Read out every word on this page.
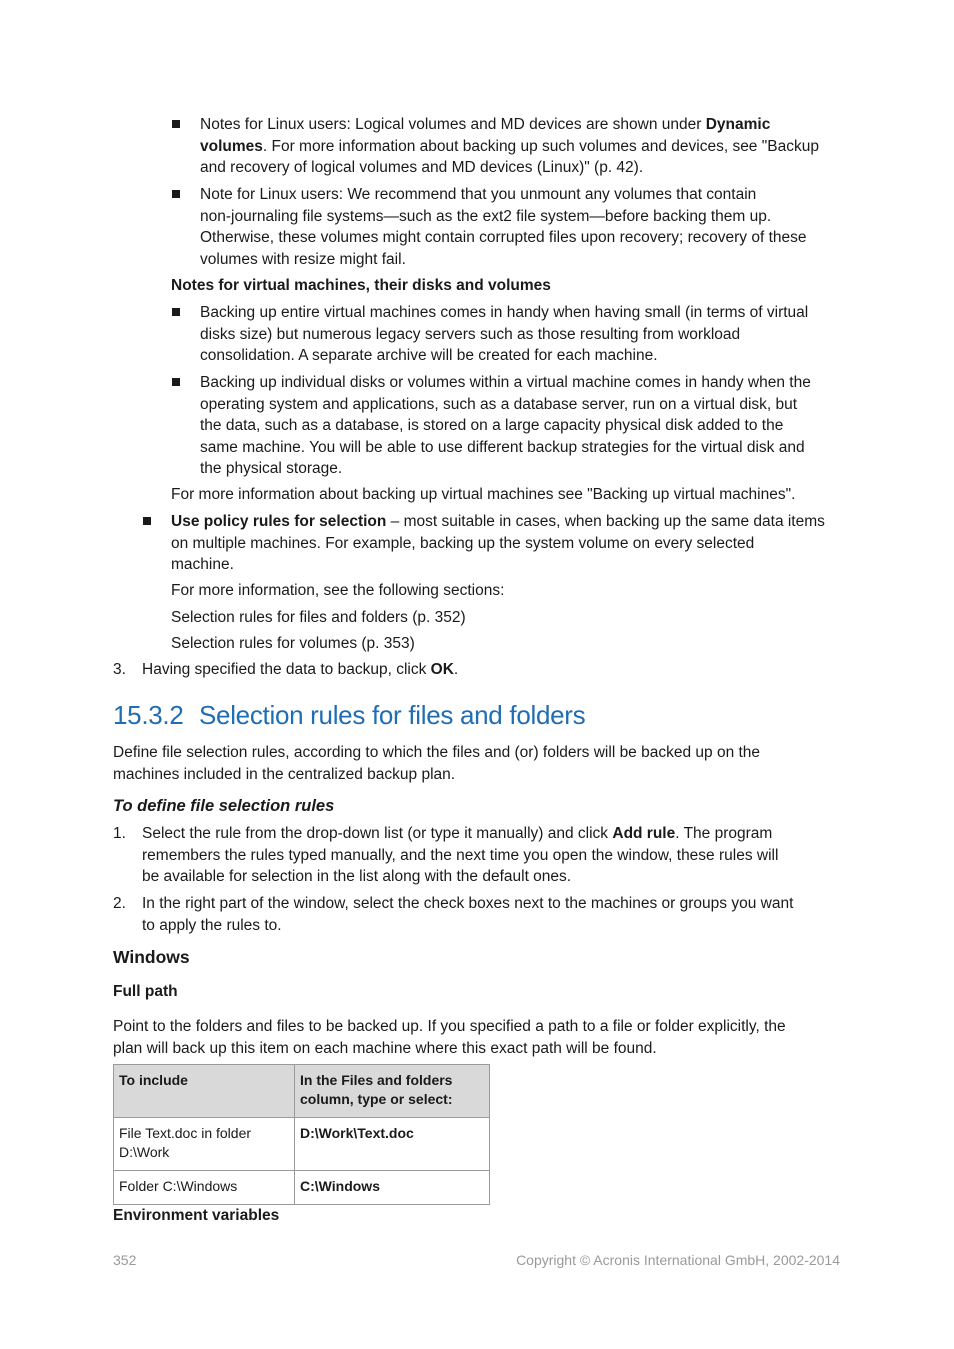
Notes for Linux users: Logical volumes and MD devices are shown under Dynamic
volumes. For more information about backing up such volumes and devices, see "Backup
and recovery of logical volumes and MD devices (Linux)" (p. 42).
Note for Linux users: We recommend that you unmount any volumes that contain
non-journaling file systems—such as the ext2 file system—before backing them up.
Otherwise, these volumes might contain corrupted files upon recovery; recovery of these
volumes with resize might fail.
Notes for virtual machines, their disks and volumes
Backing up entire virtual machines comes in handy when having small (in terms of virtual
disks size) but numerous legacy servers such as those resulting from workload
consolidation. A separate archive will be created for each machine.
Backing up individual disks or volumes within a virtual machine comes in handy when the
operating system and applications, such as a database server, run on a virtual disk, but
the data, such as a database, is stored on a large capacity physical disk added to the
same machine. You will be able to use different backup strategies for the virtual disk and
the physical storage.
For more information about backing up virtual machines see "Backing up virtual machines".
Use policy rules for selection – most suitable in cases, when backing up the same data items
on multiple machines. For example, backing up the system volume on every selected
machine.
For more information, see the following sections:
Selection rules for files and folders (p. 352)
Selection rules for volumes (p. 353)
3. Having specified the data to backup, click OK.
15.3.2 Selection rules for files and folders
Define file selection rules, according to which the files and (or) folders will be backed up on the
machines included in the centralized backup plan.
To define file selection rules
1. Select the rule from the drop-down list (or type it manually) and click Add rule. The program
remembers the rules typed manually, and the next time you open the window, these rules will
be available for selection in the list along with the default ones.
2. In the right part of the window, select the check boxes next to the machines or groups you want
to apply the rules to.
Windows
Full path
Point to the folders and files to be backed up. If you specified a path to a file or folder explicitly, the
plan will back up this item on each machine where this exact path will be found.
To include	In the Files and folders
column, type or select:
File Text.doc in folder
D:\Work	D:\Work\Text.doc
Folder C:\Windows	C:\Windows
Environment variables
352	Copyright © Acronis International GmbH, 2002-2014
